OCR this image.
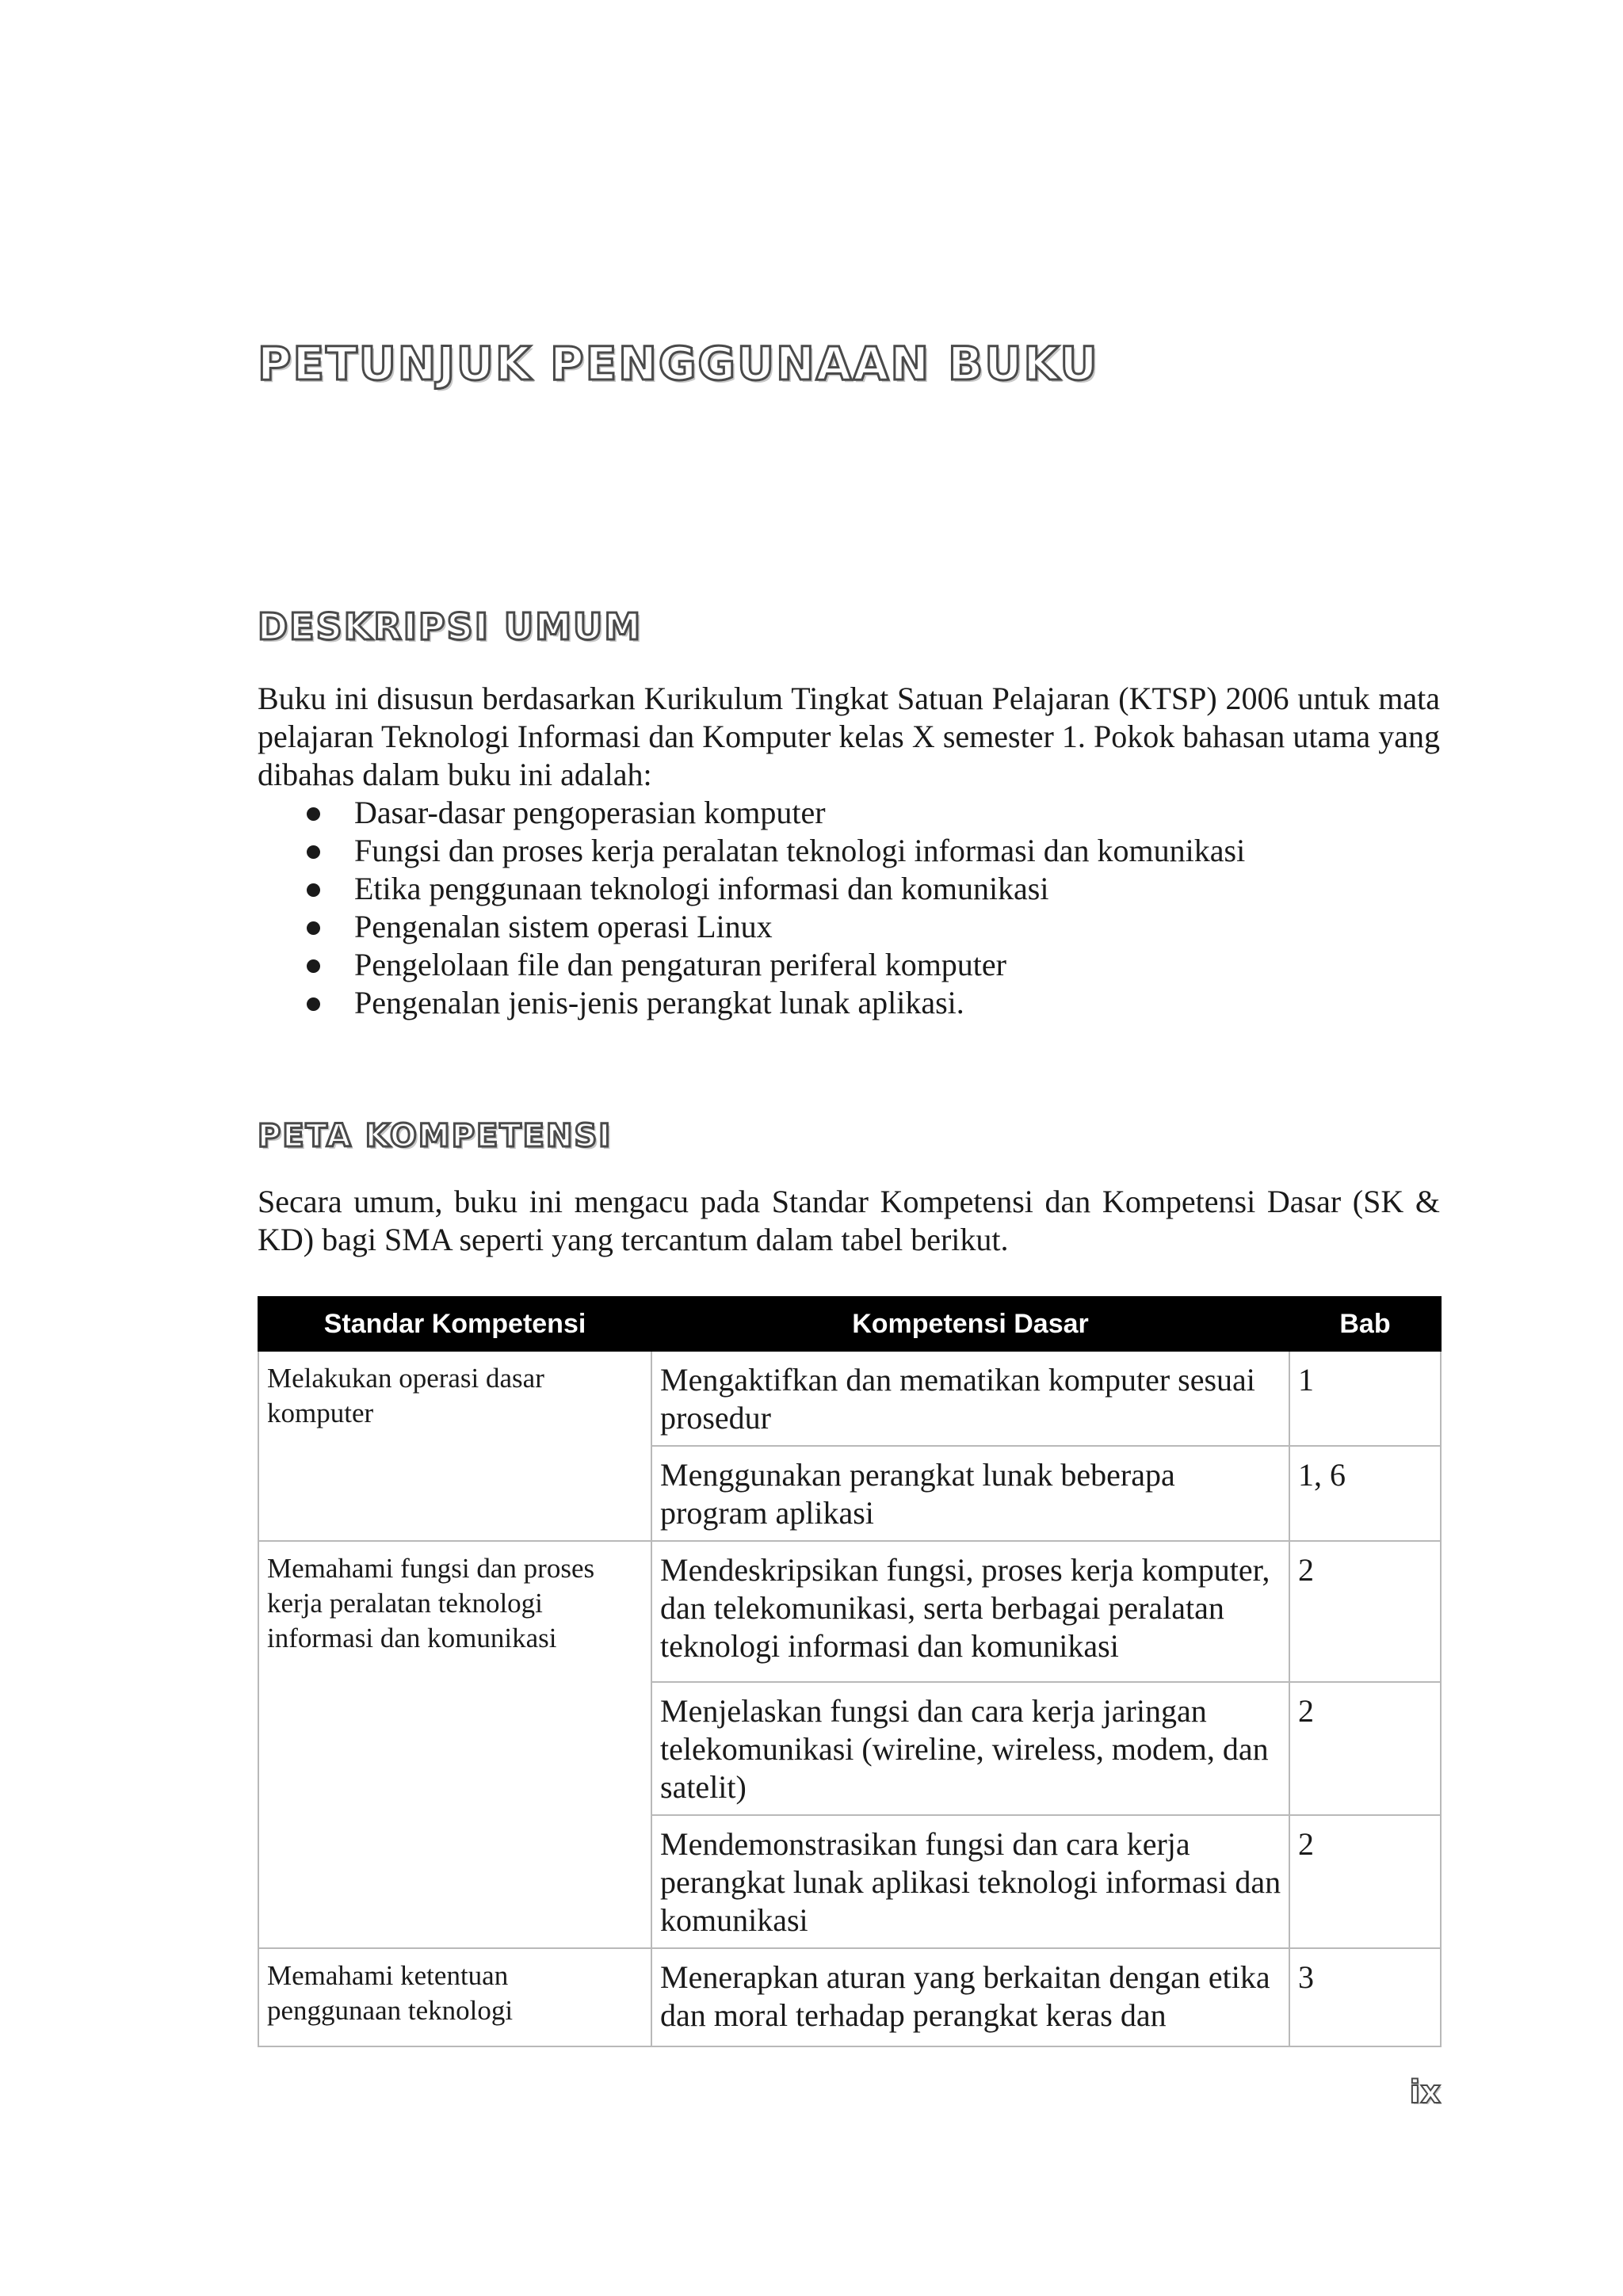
PETUNJUK PENGGUNAAN BUKU
DESKRIPSI UMUM

Buku ini disusun berdasarkan Kurikulum Tingkat Satuan Pelajaran (KTSP) 2006 untuk mata pelajaran Teknologi Informasi dan Komputer kelas X semester 1. Pokok bahasan utama yang dibahas dalam buku ini adalah:

Dasar-dasar pengoperasian komputer
Fungsi dan proses kerja peralatan teknologi informasi dan komunikasi
Etika penggunaan teknologi informasi dan komunikasi
Pengenalan sistem operasi Linux
Pengelolaan file dan pengaturan periferal komputer
Pengenalan jenis-jenis perangkat lunak aplikasi.
PETA KOMPETENSI

Secara umum, buku ini mengacu pada Standar Kompetensi dan Kompetensi Dasar (SK & KD) bagi SMA seperti yang tercantum dalam tabel berikut.

Standar Kompetensi	Kompetensi Dasar	Bab
Melakukan operasi dasar komputer	Mengaktifkan dan mematikan komputer sesuai prosedur	1
	Menggunakan perangkat lunak beberapa program aplikasi	1, 6
Memahami fungsi dan proses kerja peralatan teknologi informasi dan komunikasi	Mendeskripsikan fungsi, proses kerja komputer, dan telekomunikasi, serta berbagai peralatan teknologi informasi dan komunikasi	2
	Menjelaskan fungsi dan cara kerja jaringan telekomunikasi (wireline, wireless, modem, dan satelit)	2
	Mendemonstrasikan fungsi dan cara kerja perangkat lunak aplikasi teknologi informasi dan komunikasi	2
Memahami ketentuan penggunaan teknologi	Menerapkan aturan yang berkaitan dengan etika dan moral terhadap perangkat keras dan	3
ix
